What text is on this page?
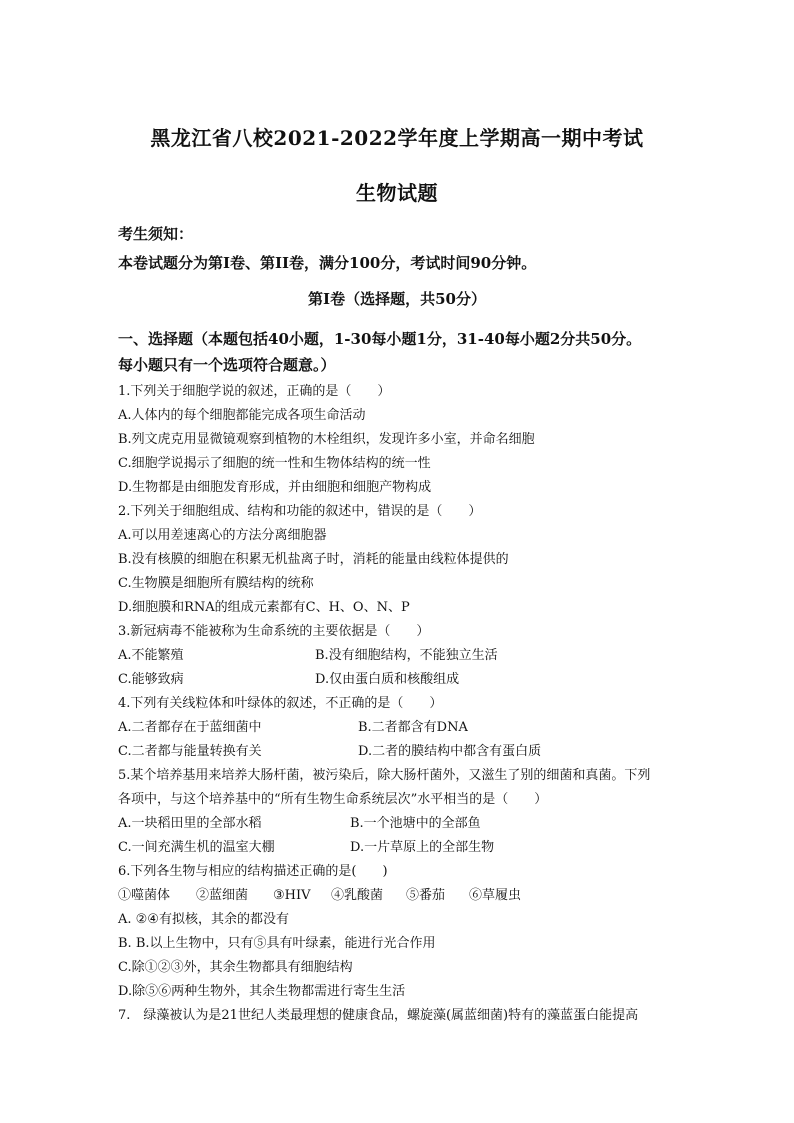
黑龙江省八校2021-2022学年度上学期高一期中考试
生物试题
考生须知：
本卷试题分为第I卷、第II卷，满分100分，考试时间90分钟。
第I卷（选择题，共50分）
一、选择题（本题包括40小题，1-30每小题1分，31-40每小题2分共50分。
每小题只有一个选项符合题意。）
1.下列关于细胞学说的叙述，正确的是（　　）
A.人体内的每个细胞都能完成各项生命活动
B.列文虎克用显微镜观察到植物的木栓组织，发现许多小室，并命名细胞
C.细胞学说揭示了细胞的统一性和生物体结构的统一性
D.生物都是由细胞发育形成，并由细胞和细胞产物构成
2.下列关于细胞组成、结构和功能的叙述中，错误的是（　　）
A.可以用差速离心的方法分离细胞器
B.没有核膜的细胞在积累无机盐离子时，消耗的能量由线粒体提供的
C.生物膜是细胞所有膜结构的统称
D.细胞膜和RNA的组成元素都有C、H、O、N、P
3.新冠病毒不能被称为生命系统的主要依据是（　　）
A.不能繁殖	B.没有细胞结构，不能独立生活
C.能够致病	D.仅由蛋白质和核酸组成
4.下列有关线粒体和叶绿体的叙述，不正确的是（　　）
A.二者都存在于蓝细菌中	B.二者都含有DNA
C.二者都与能量转换有关	D.二者的膜结构中都含有蛋白质
5.某个培养基用来培养大肠杆菌，被污染后，除大肠杆菌外，又滋生了别的细菌和真菌。下列
各项中，与这个培养基中的“所有生物生命系统层次”水平相当的是（　　）
A.一块稻田里的全部水稻	B.一个池塘中的全部鱼
C.一间充满生机的温室大棚	D.一片草原上的全部生物
6.下列各生物与相应的结构描述正确的是(　　)
①噬菌体 ②蓝细菌 ③HIV ④乳酸菌 ⑤番茄 ⑥草履虫
A. ②④有拟核，其余的都没有
B. B.以上生物中，只有⑤具有叶绿素，能进行光合作用
C.除①②③外，其余生物都具有细胞结构
D.除⑤⑥两种生物外，其余生物都需进行寄生生活
7.　绿藻被认为是21世纪人类最理想的健康食品，螺旋藻(属蓝细菌)特有的藻蓝蛋白能提高
